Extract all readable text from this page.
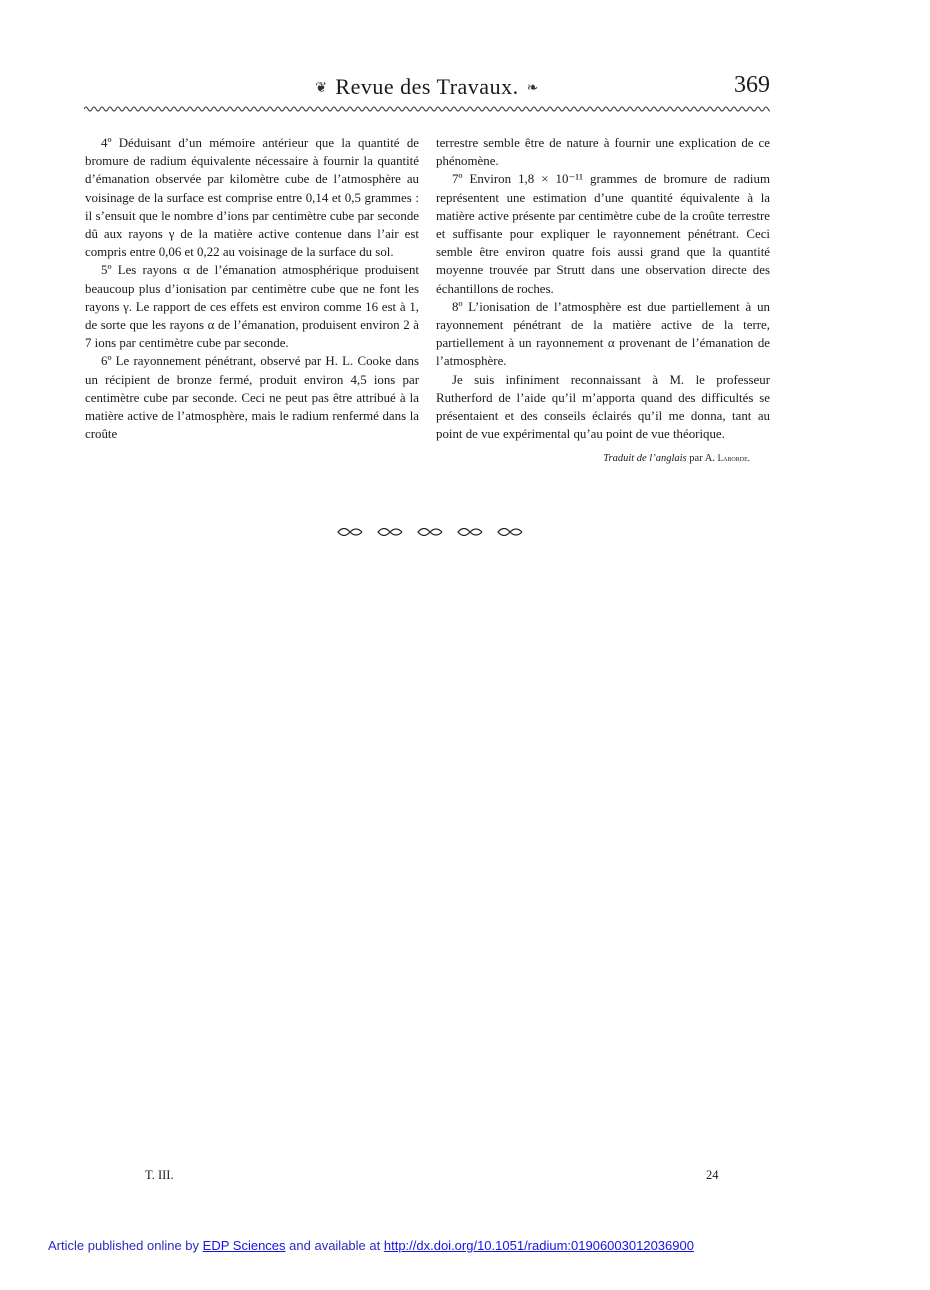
❦ Revue des Travaux. ❧	369

4º Déduisant d’un mémoire antérieur que la quantité de bromure de radium équivalente nécessaire à fournir la quantité d’émanation observée par kilomètre cube de l’atmosphère au voisinage de la surface est comprise entre 0,14 et 0,5 grammes : il s’ensuit que le nombre d’ions par centimètre cube par seconde dû aux rayons γ de la matière active contenue dans l’air est compris entre 0,06 et 0,22 au voisinage de la surface du sol.

5º Les rayons α de l’émanation atmosphérique produisent beaucoup plus d’ionisation par centimètre cube que ne font les rayons γ. Le rapport de ces effets est environ comme 16 est à 1, de sorte que les rayons α de l’émanation, produisent environ 2 à 7 ions par centimètre cube par seconde.

6º Le rayonnement pénétrant, observé par H. L. Cooke dans un récipient de bronze fermé, produit environ 4,5 ions par centimètre cube par seconde. Ceci ne peut pas être attribué à la matière active de l’atmosphère, mais le radium renfermé dans la croûte

terrestre semble être de nature à fournir une explication de ce phénomène.

7º Environ 1,8 × 10⁻¹¹ grammes de bromure de radium représentent une estimation d’une quantité équivalente à la matière active présente par centimètre cube de la croûte terrestre et suffisante pour expliquer le rayonnement pénétrant. Ceci semble être environ quatre fois aussi grand que la quantité moyenne trouvée par Strutt dans une observation directe des échantillons de roches.

8º L’ionisation de l’atmosphère est due partiellement à un rayonnement pénétrant de la matière active de la terre, partiellement à un rayonnement α provenant de l’émanation de l’atmosphère.

Je suis infiniment reconnaissant à M. le professeur Rutherford de l’aide qu’il m’apporta quand des difficultés se présentaient et des conseils éclairés qu’il me donna, tant au point de vue expérimental qu’au point de vue théorique.

Traduit de l’anglais par A. Laborde.
T. III.	24
Article published online by EDP Sciences and available at http://dx.doi.org/10.1051/radium:01906003012036900
